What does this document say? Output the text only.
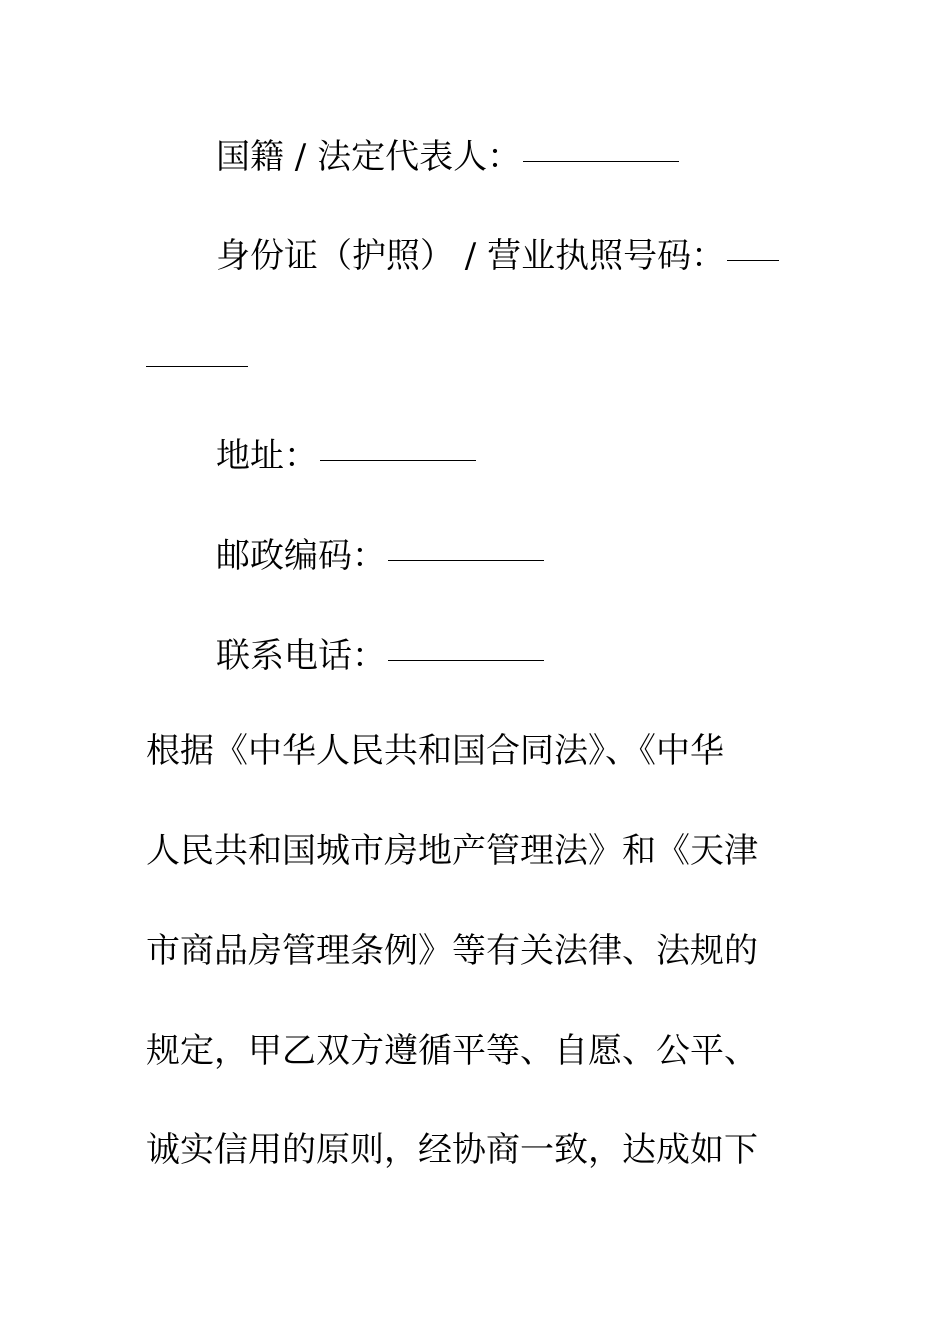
国籍 / 法定代表人：
身份证（护照） / 营业执照号码：
地址：
邮政编码：
联系电话：
根据《中华人民共和国合同法》、《中华
人民共和国城市房地产管理法》和《天津
市商品房管理条例》等有关法律、法规的
规定，甲乙双方遵循平等、自愿、公平、
诚实信用的原则，经协商一致，达成如下
